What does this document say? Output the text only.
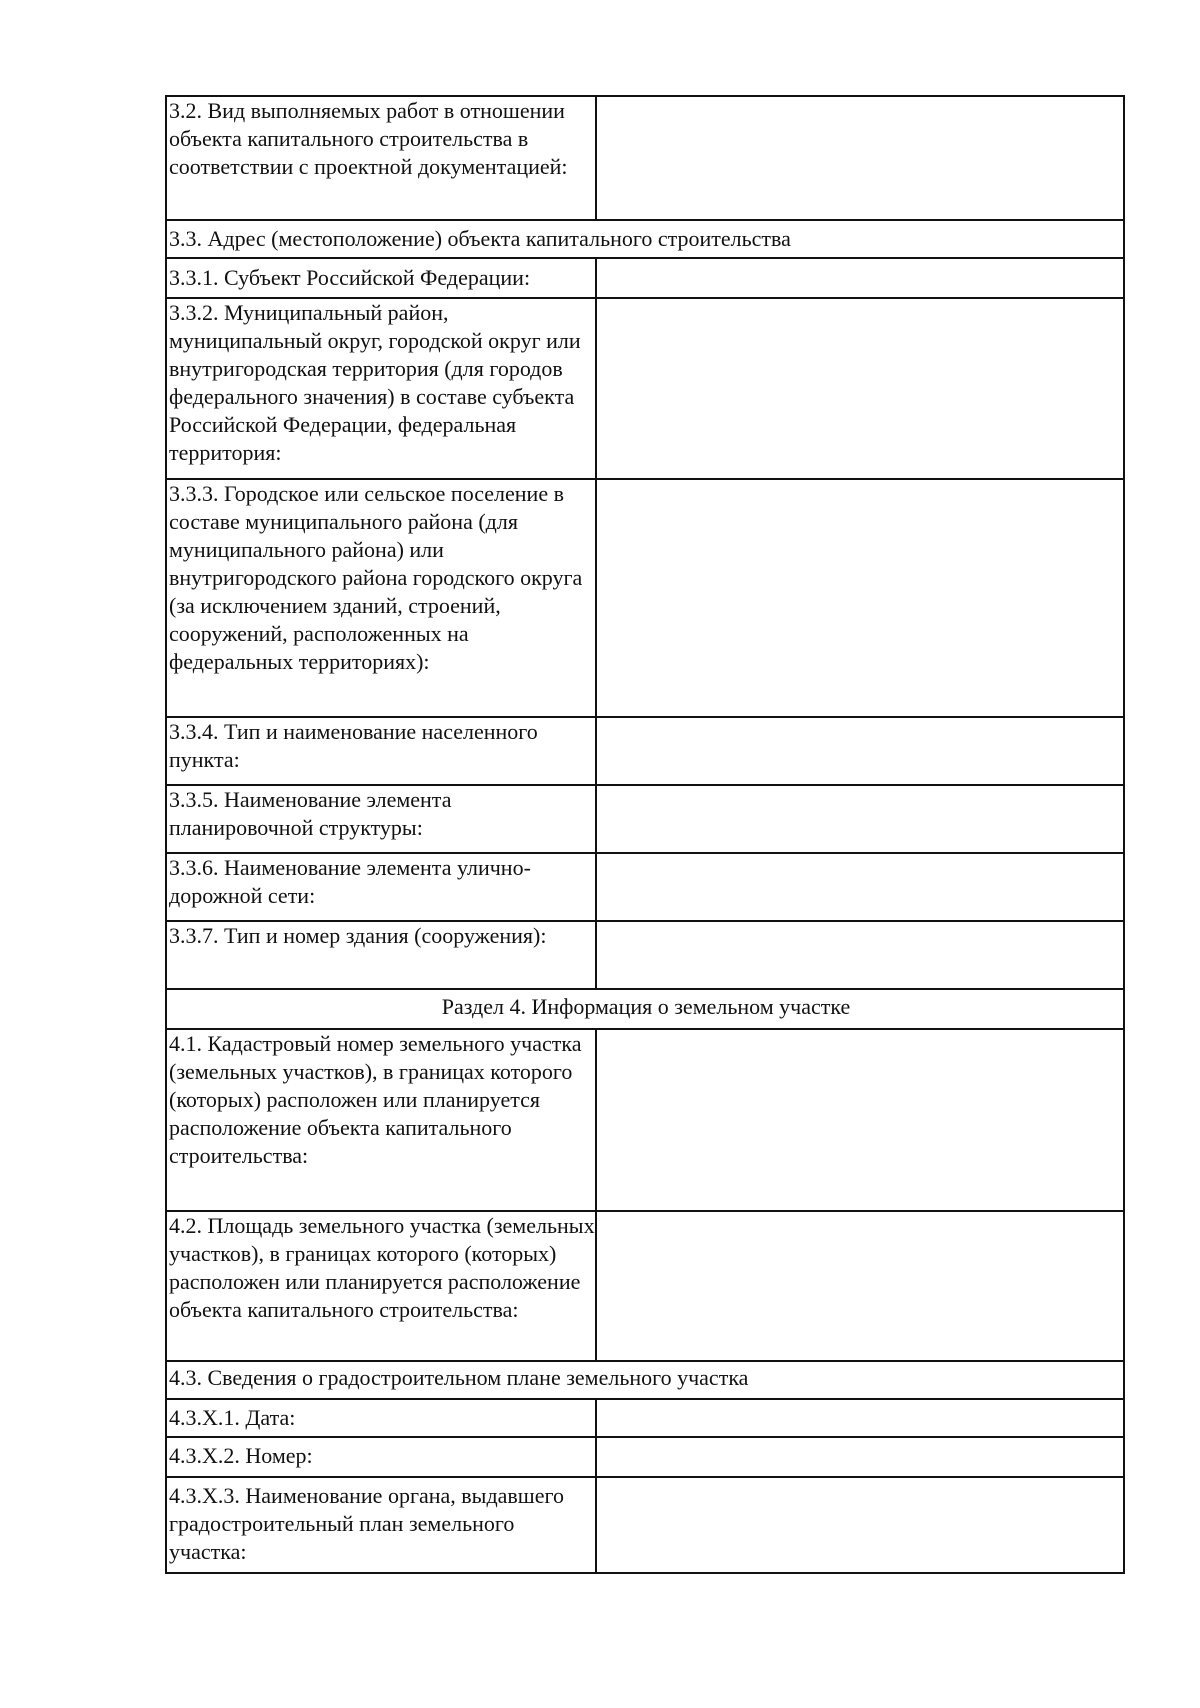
3.2. Вид выполняемых работ в отношении объекта капитального строительства в соответствии с проектной документацией:	
3.3. Адрес (местоположение) объекта капитального строительства	
3.3.1. Субъект Российской Федерации:	
3.3.2. Муниципальный район, муниципальный округ, городской округ или внутригородская территория (для городов федерального значения) в составе субъекта Российской Федерации, федеральная территория:	
3.3.3. Городское или сельское поселение в составе муниципального района (для муниципального района) или внутригородского района городского округа (за исключением зданий, строений, сооружений, расположенных на федеральных территориях):	
3.3.4. Тип и наименование населенного пункта:	
3.3.5. Наименование элемента планировочной структуры:	
3.3.6. Наименование элемента улично-дорожной сети:	
3.3.7. Тип и номер здания (сооружения):	
Раздел 4. Информация о земельном участке	
4.1. Кадастровый номер земельного участка (земельных участков), в границах которого (которых) расположен или планируется расположение объекта капитального строительства:	
4.2. Площадь земельного участка (земельных участков), в границах которого (которых) расположен или планируется расположение объекта капитального строительства:	
4.3. Сведения о градостроительном плане земельного участка	
4.3.Х.1. Дата:	
4.3.Х.2. Номер:	
4.3.Х.3. Наименование органа, выдавшего градостроительный план земельного участка:	
